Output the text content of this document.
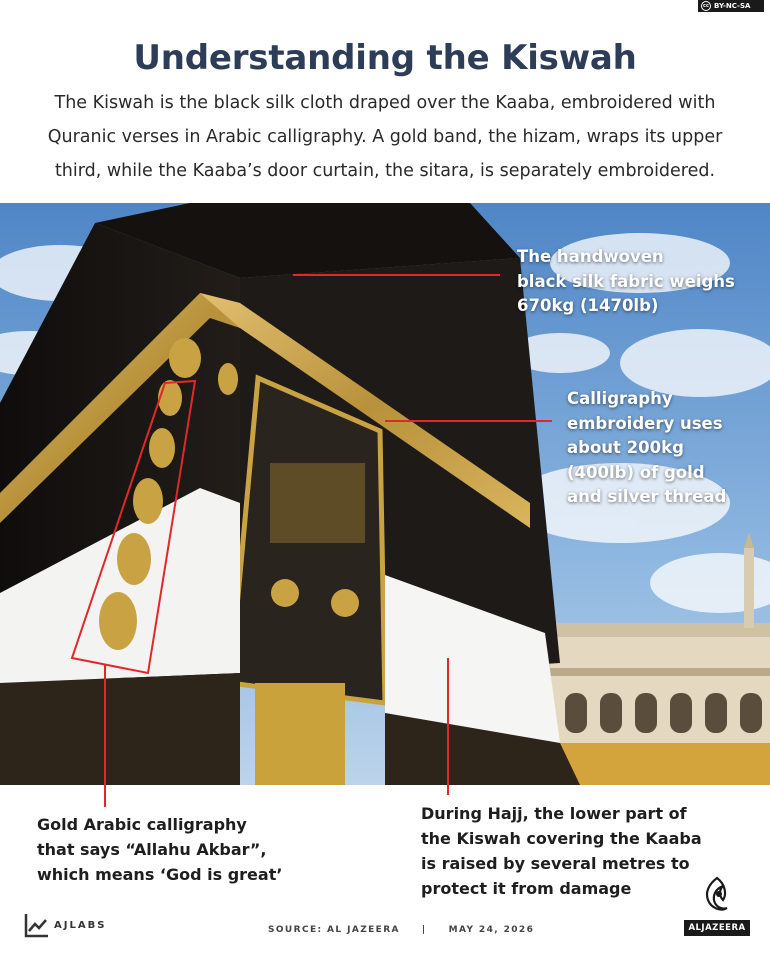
cc BY-NC-SA
Understanding the Kiswah
The Kiswah is the black silk cloth draped over the Kaaba, embroidered with
Quranic verses in Arabic calligraphy. A gold band, the hizam, wraps its upper
third, while the Kaaba’s door curtain, the sitara, is separately embroidered.
The handwoven
black silk fabric weighs
670kg (1470lb)
Calligraphy
embroidery uses
about 200kg
(400lb) of gold
and silver thread
Gold Arabic calligraphy
that says “Allahu Akbar”,
which means ‘God is great’
During Hajj, the lower part of
the Kiswah covering the Kaaba
is raised by several metres to
protect it from damage
AJLABS	SOURCE: AL JAZEERA | MAY 24, 2026	ALJAZEERA
